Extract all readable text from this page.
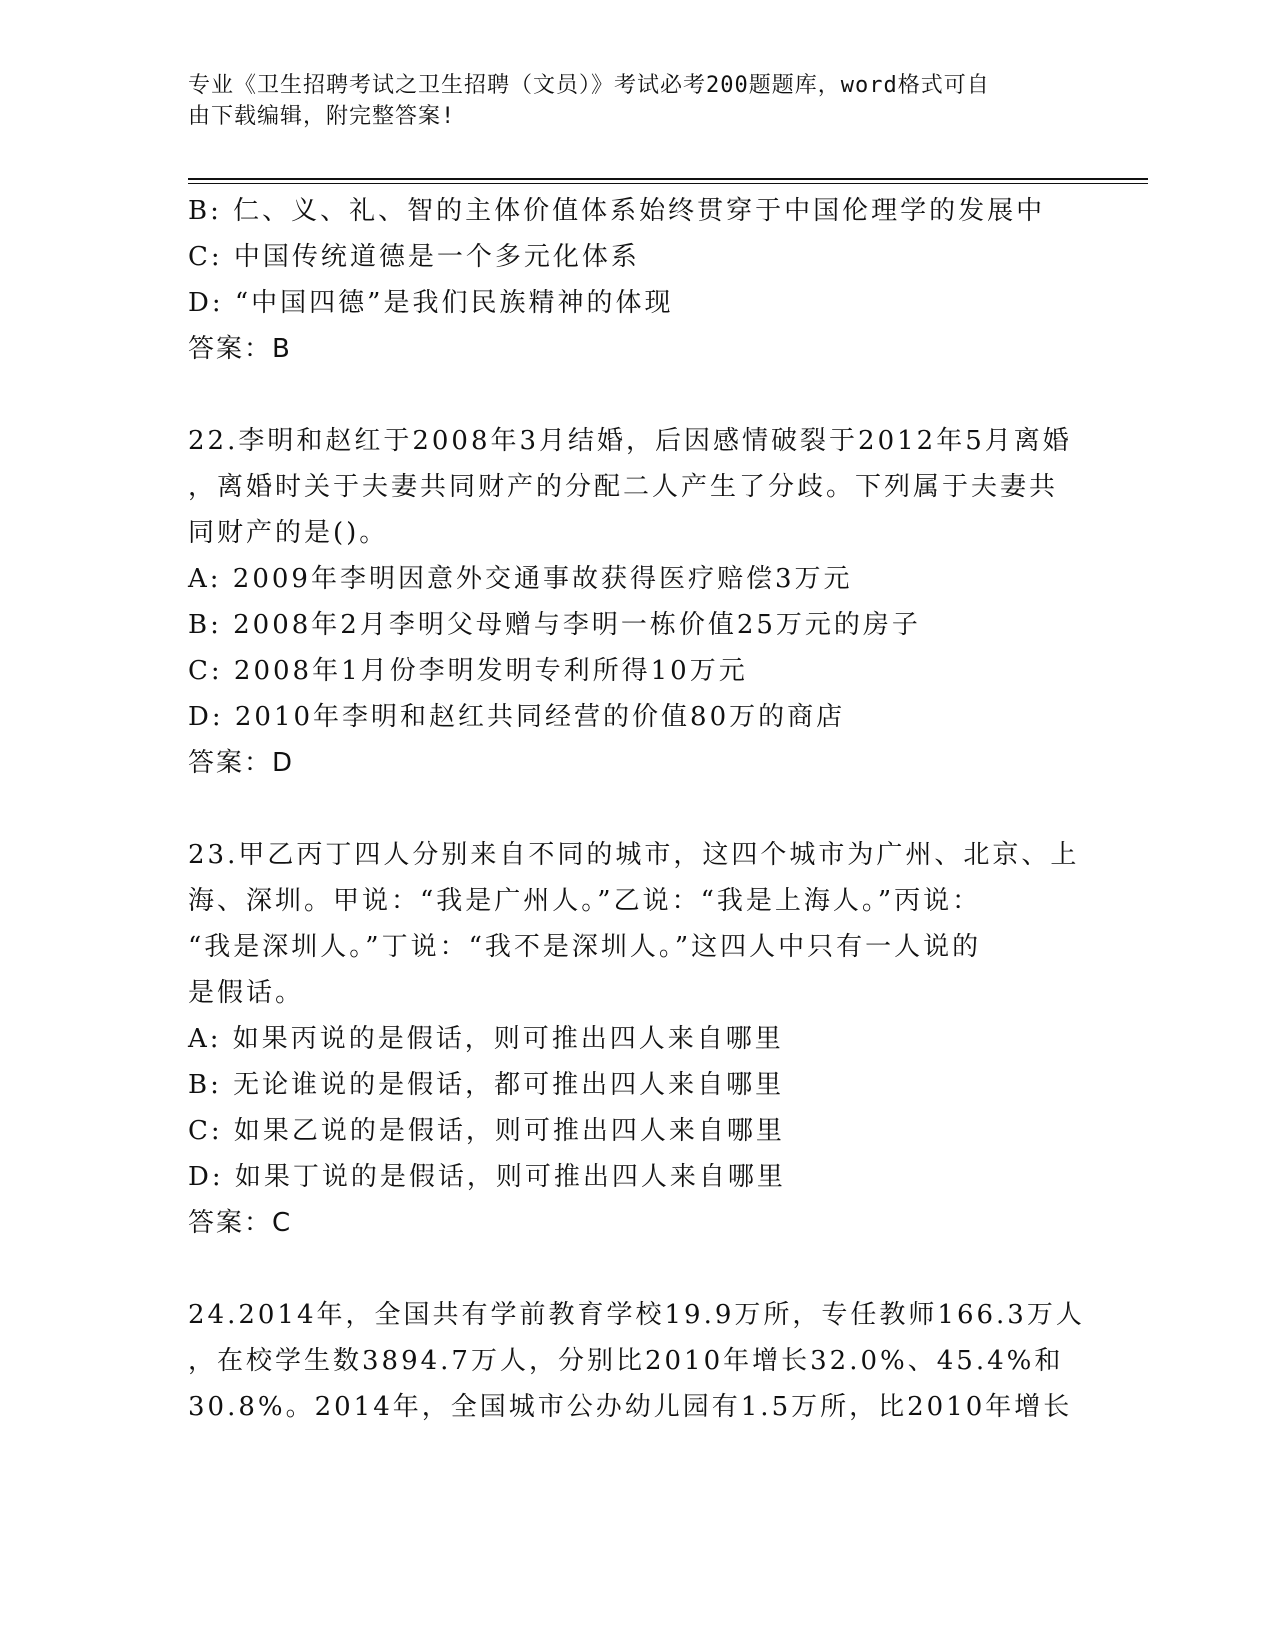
专业《卫生招聘考试之卫生招聘（文员）》考试必考200题题库，word格式可自
由下载编辑，附完整答案!
B: 仁、义、礼、智的主体价值体系始终贯穿于中国伦理学的发展中
C: 中国传统道德是一个多元化体系
D: “中国四德”是我们民族精神的体现
答案：B
22.李明和赵红于2008年3月结婚，后因感情破裂于2012年5月离婚
，离婚时关于夫妻共同财产的分配二人产生了分歧。下列属于夫妻共
同财产的是()。
A: 2009年李明因意外交通事故获得医疗赔偿3万元
B: 2008年2月李明父母赠与李明一栋价值25万元的房子
C: 2008年1月份李明发明专利所得10万元
D: 2010年李明和赵红共同经营的价值80万的商店
答案：D
23.甲乙丙丁四人分别来自不同的城市，这四个城市为广州、北京、上
海、深圳。甲说：“我是广州人。”乙说：“我是上海人。”丙说：
“我是深圳人。”丁说：“我不是深圳人。”这四人中只有一人说的
是假话。
A: 如果丙说的是假话，则可推出四人来自哪里
B: 无论谁说的是假话，都可推出四人来自哪里
C: 如果乙说的是假话，则可推出四人来自哪里
D: 如果丁说的是假话，则可推出四人来自哪里
答案：C
24.2014年，全国共有学前教育学校19.9万所，专任教师166.3万人
，在校学生数3894.7万人，分别比2010年增长32.0%、45.4%和
30.8%。2014年，全国城市公办幼儿园有1.5万所，比2010年增长
